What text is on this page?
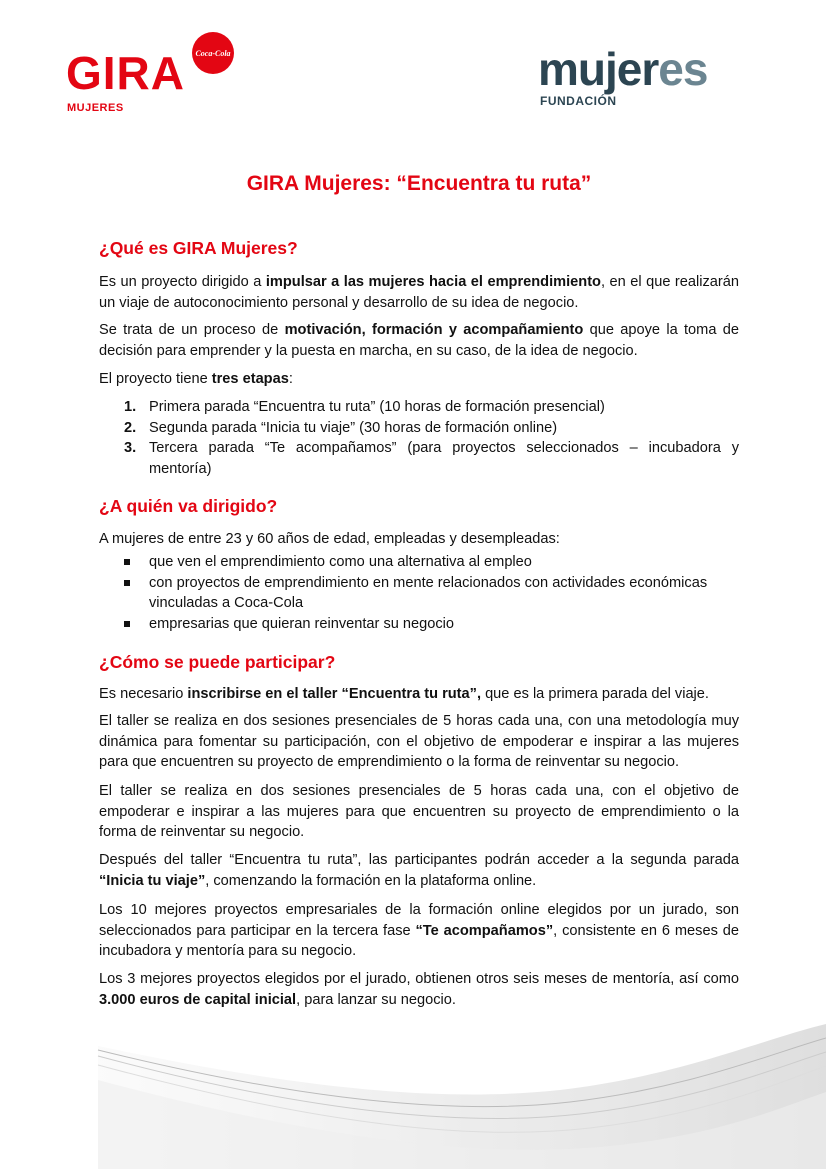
GIRA
MUJERES
Coca-Cola	mujeres
FUNDACIÓN
GIRA Mujeres: “Encuentra tu ruta”
¿Qué es GIRA Mujeres?

Es un proyecto dirigido a impulsar a las mujeres hacia el emprendimiento, en el que realizarán un viaje de autoconocimiento personal y desarrollo de su idea de negocio.

Se trata de un proceso de motivación, formación y acompañamiento que apoye la toma de decisión para emprender y la puesta en marcha, en su caso, de la idea de negocio.

El proyecto tiene tres etapas:

1. Primera parada “Encuentra tu ruta” (10 horas de formación presencial)
2. Segunda parada “Inicia tu viaje” (30 horas de formación online)
3. Tercera parada “Te acompañamos” (para proyectos seleccionados – incubadora y mentoría)
¿A quién va dirigido?

A mujeres de entre 23 y 60 años de edad, empleadas y desempleadas:

que ven el emprendimiento como una alternativa al empleo
con proyectos de emprendimiento en mente relacionados con actividades económicas vinculadas a Coca-Cola
empresarias que quieran reinventar su negocio
¿Cómo se puede participar?

Es necesario inscribirse en el taller “Encuentra tu ruta”, que es la primera parada del viaje.

El taller se realiza en dos sesiones presenciales de 5 horas cada una, con una metodología muy dinámica para fomentar su participación, con el objetivo de empoderar e inspirar a las mujeres para que encuentren su proyecto de emprendimiento o la forma de reinventar su negocio.

El taller se realiza en dos sesiones presenciales de 5 horas cada una, con el objetivo de empoderar e inspirar a las mujeres para que encuentren su proyecto de emprendimiento o la forma de reinventar su negocio.

Después del taller “Encuentra tu ruta”, las participantes podrán acceder a la segunda parada “Inicia tu viaje”, comenzando la formación en la plataforma online.

Los 10 mejores proyectos empresariales de la formación online elegidos por un jurado, son seleccionados para participar en la tercera fase “Te acompañamos”, consistente en 6 meses de incubadora y mentoría para su negocio.

Los 3 mejores proyectos elegidos por el jurado, obtienen otros seis meses de mentoría, así como 3.000 euros de capital inicial, para lanzar su negocio.
